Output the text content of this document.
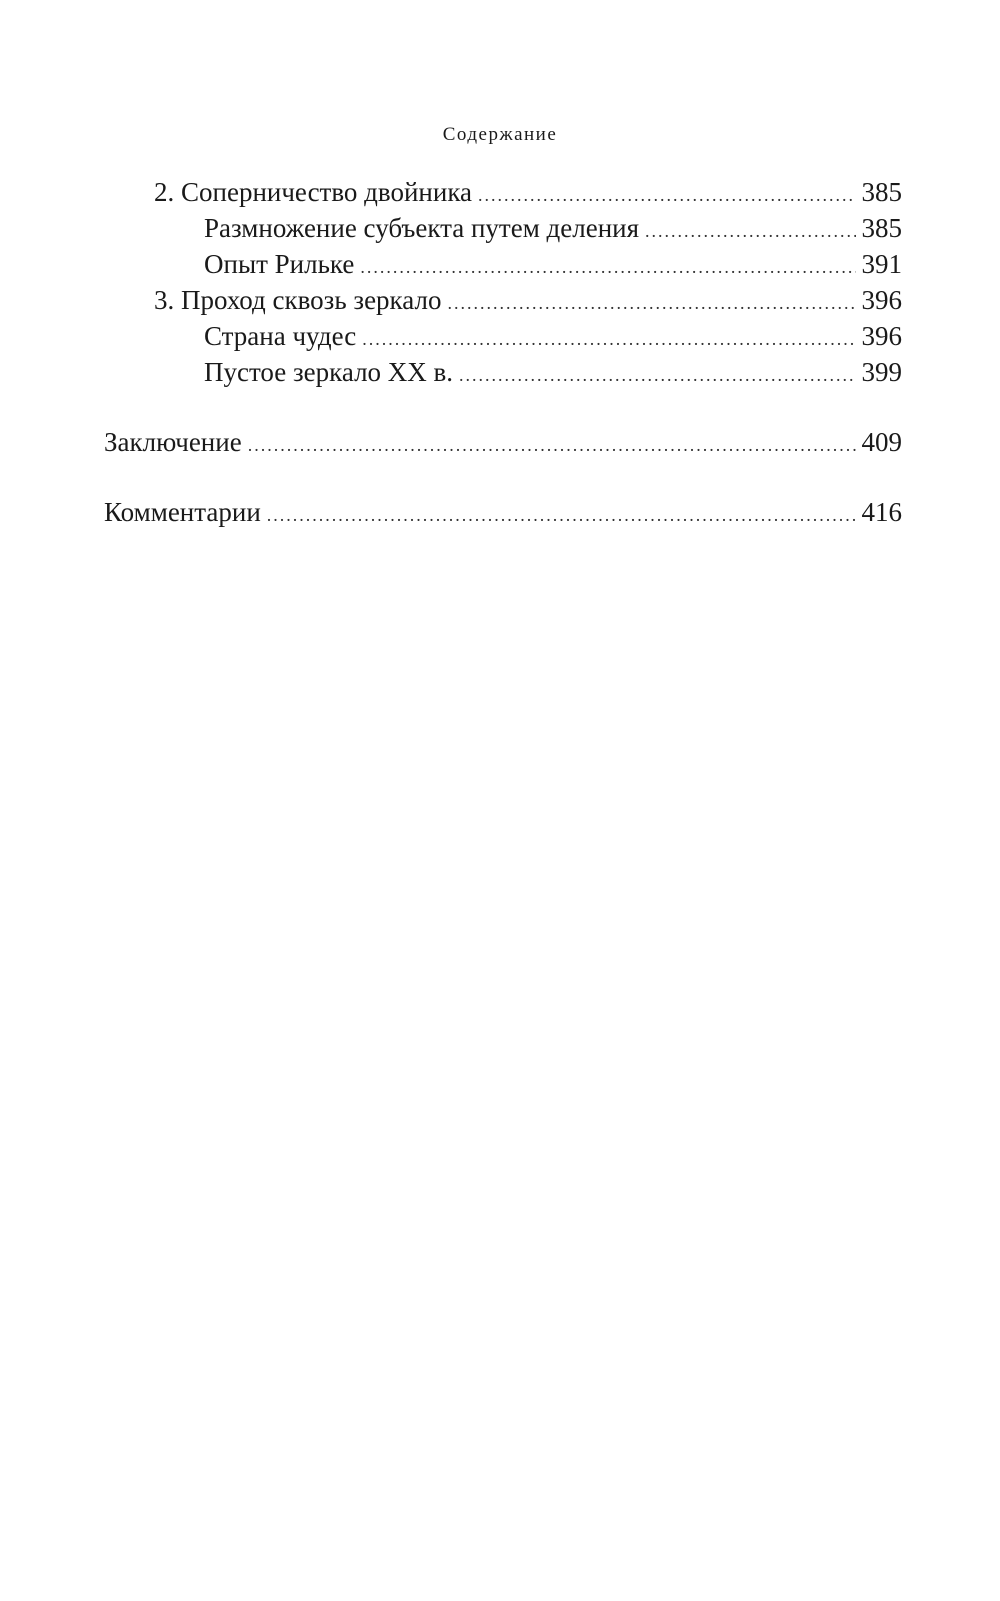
Содержание
2. Соперничество двойника .....	385
Размножение субъекта путем деления .....	385
Опыт Рильке .....	391
3. Проход сквозь зеркало .....	396
Страна чудес .....	396
Пустое зеркало XX в. .....	399
Заключение .....	409
Комментарии .....	416
